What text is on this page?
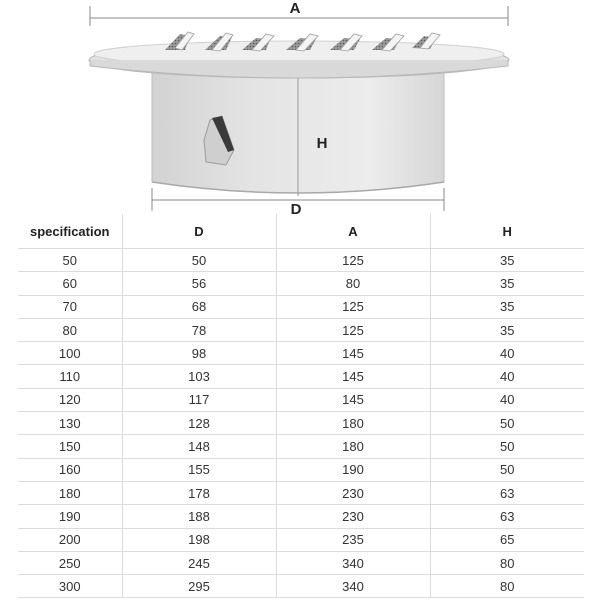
A
H
D
specification	D	A	H
50	50	125	35
60	56	80	35
70	68	125	35
80	78	125	35
100	98	145	40
110	103	145	40
120	117	145	40
130	128	180	50
150	148	180	50
160	155	190	50
180	178	230	63
190	188	230	63
200	198	235	65
250	245	340	80
300	295	340	80
